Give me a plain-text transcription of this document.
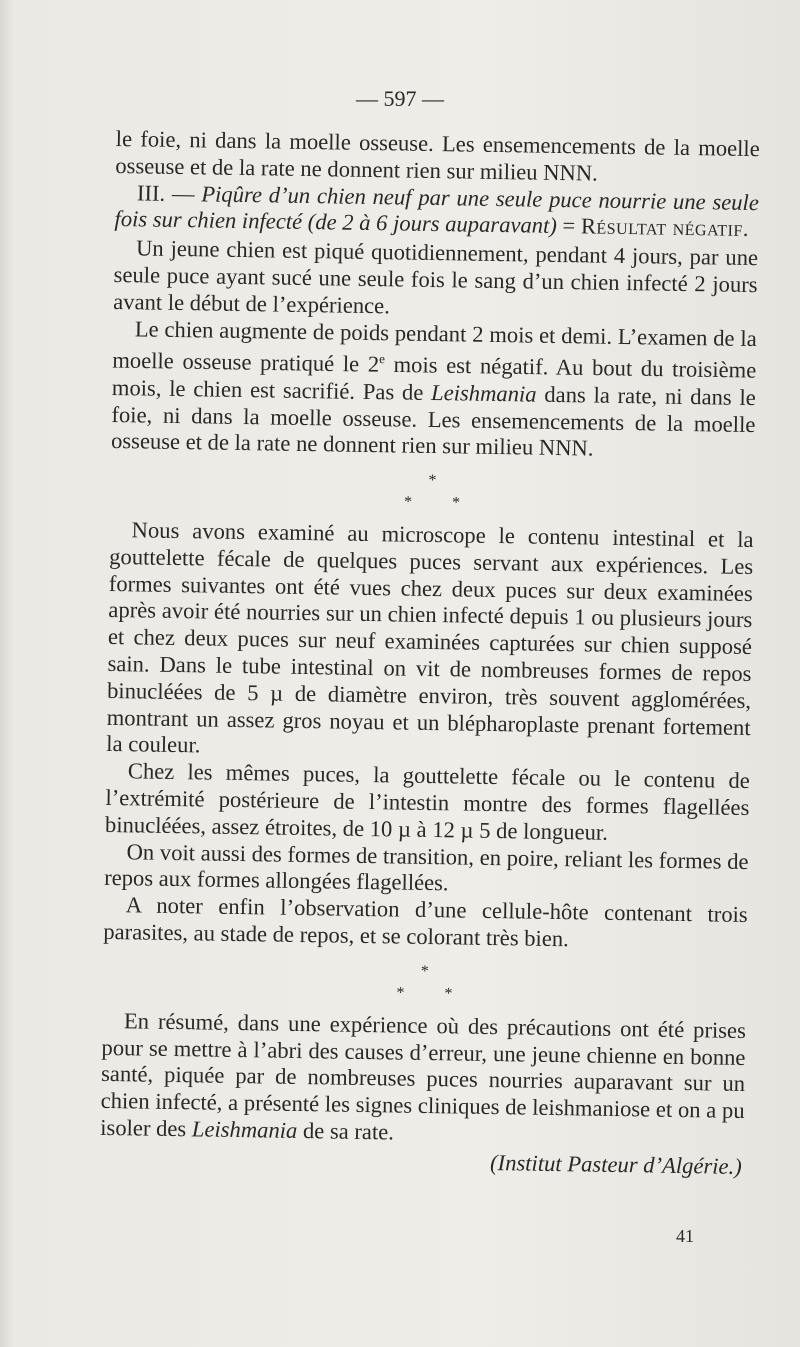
— 597 —

le foie, ni dans la moelle osseuse. Les ensemencements de la moelle osseuse et de la rate ne donnent rien sur milieu NNN.

III. — Piqûre d’un chien neuf par une seule puce nourrie une seule fois sur chien infecté (de 2 à 6 jours auparavant) = Résultat négatif.

Un jeune chien est piqué quotidiennement, pendant 4 jours, par une seule puce ayant sucé une seule fois le sang d’un chien infecté 2 jours avant le début de l’expérience.

Le chien augmente de poids pendant 2 mois et demi. L’examen de la moelle osseuse pratiqué le 2e mois est négatif. Au bout du troisième mois, le chien est sacrifié. Pas de Leishmania dans la rate, ni dans le foie, ni dans la moelle osseuse. Les ensemencements de la moelle osseuse et de la rate ne donnent rien sur milieu NNN.

*
* *

Nous avons examiné au microscope le contenu intestinal et la gouttelette fécale de quelques puces servant aux expériences. Les formes suivantes ont été vues chez deux puces sur deux examinées après avoir été nourries sur un chien infecté depuis 1 ou plusieurs jours et chez deux puces sur neuf examinées capturées sur chien supposé sain. Dans le tube intestinal on vit de nombreuses formes de repos binucléées de 5 µ de diamètre environ, très souvent agglomérées, montrant un assez gros noyau et un blépharoplaste prenant fortement la couleur.

Chez les mêmes puces, la gouttelette fécale ou le contenu de l’extrémité postérieure de l’intestin montre des formes flagellées binucléées, assez étroites, de 10 µ à 12 µ 5 de longueur.

On voit aussi des formes de transition, en poire, reliant les formes de repos aux formes allongées flagellées.

A noter enfin l’observation d’une cellule-hôte contenant trois parasites, au stade de repos, et se colorant très bien.

*
* *

En résumé, dans une expérience où des précautions ont été prises pour se mettre à l’abri des causes d’erreur, une jeune chienne en bonne santé, piquée par de nombreuses puces nourries auparavant sur un chien infecté, a présenté les signes cliniques de leishmaniose et on a pu isoler des Leishmania de sa rate.

(Institut Pasteur d’Algérie.)

41
